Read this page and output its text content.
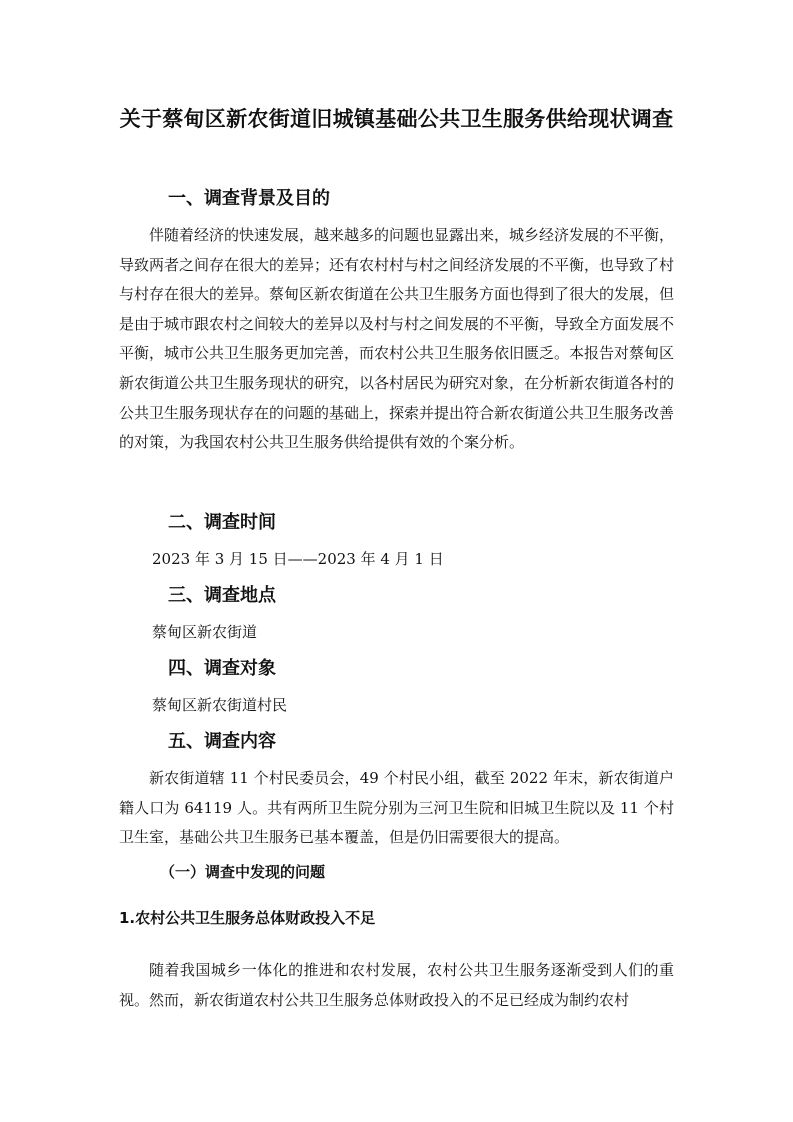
关于蔡甸区新农街道旧城镇基础公共卫生服务供给现状调查
一、调查背景及目的

伴随着经济的快速发展，越来越多的问题也显露出来，城乡经济发展的不平衡，导致两者之间存在很大的差异；还有农村村与村之间经济发展的不平衡，也导致了村与村存在很大的差异。蔡甸区新农街道在公共卫生服务方面也得到了很大的发展，但是由于城市跟农村之间较大的差异以及村与村之间发展的不平衡，导致全方面发展不平衡，城市公共卫生服务更加完善，而农村公共卫生服务依旧匮乏。本报告对蔡甸区新农街道公共卫生服务现状的研究，以各村居民为研究对象，在分析新农街道各村的公共卫生服务现状存在的问题的基础上，探索并提出符合新农街道公共卫生服务改善的对策，为我国农村公共卫生服务供给提供有效的个案分析。

二、调查时间

2023 年 3 月 15 日——2023 年 4 月 1 日

三、调查地点

蔡甸区新农街道

四、调查对象

蔡甸区新农街道村民

五、调查内容

新农街道辖 11 个村民委员会，49 个村民小组，截至 2022 年末，新农街道户籍人口为 64119 人。共有两所卫生院分别为三河卫生院和旧城卫生院以及 11 个村卫生室，基础公共卫生服务已基本覆盖，但是仍旧需要很大的提高。

（一）调查中发现的问题
1.农村公共卫生服务总体财政投入不足

随着我国城乡一体化的推进和农村发展，农村公共卫生服务逐渐受到人们的重视。然而，新农街道农村公共卫生服务总体财政投入的不足已经成为制约农村
